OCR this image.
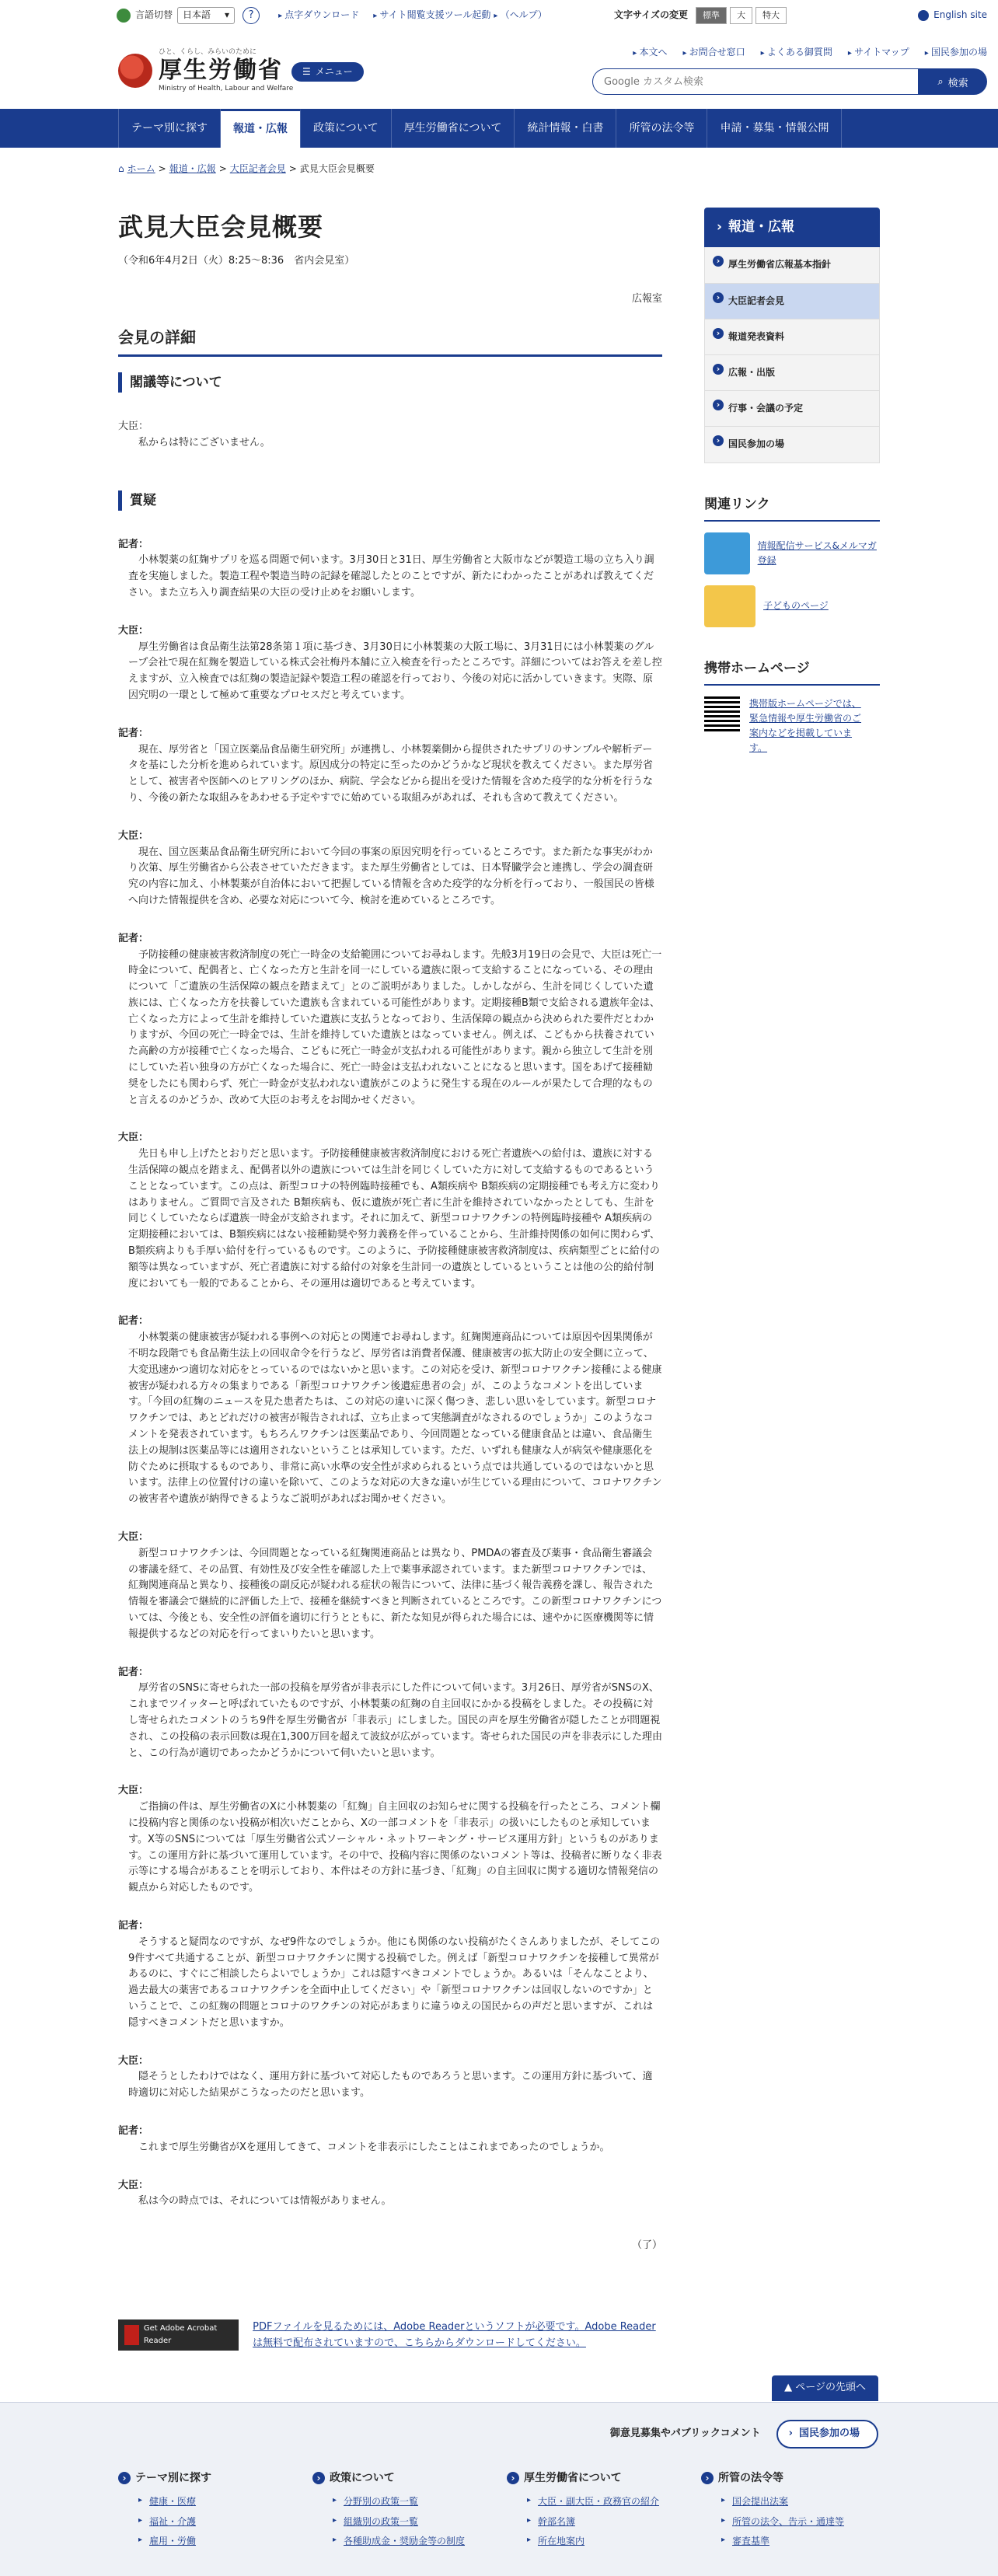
言語切替 日本語 ▾	?	▸ 点字ダウンロード	▸ サイト閲覧支援ツール起動	▸ （ヘルプ）	文字サイズの変更	標準	大	特大	English site
ひと、くらし、みらいのために
厚生労働省
Ministry of Health, Labour and Welfare
☰ メニュー
▸ 本文へ	▸ お問合せ窓口	▸ よくある御質問	▸ サイトマップ	▸ 国民参加の場
Google カスタム検索
⌕ 検索
テーマ別に探す	報道・広報	政策について	厚生労働省について	統計情報・白書	所管の法令等	申請・募集・情報公開
⌂ ホーム > 報道・広報 > 大臣記者会見 > 武見大臣会見概要
武見大臣会見概要
（令和6年4月2日（火）8:25～8:36　省内会見室）
広報室
会見の詳細
閣議等について
大臣：
私からは特にございません。
質疑
記者：
小林製薬の紅麹サプリを巡る問題で伺います。3月30日と31日、厚生労働省と大阪市などが製造工場の立ち入り調査を実施しました。製造工程や製造当時の記録を確認したとのことですが、新たにわかったことがあれば教えてください。また立ち入り調査結果の大臣の受け止めをお願いします。
大臣：
厚生労働省は食品衛生法第28条第１項に基づき、3月30日に小林製薬の大阪工場に、3月31日には小林製薬のグループ会社で現在紅麹を製造している株式会社梅丹本舗に立入検査を行ったところです。詳細についてはお答えを差し控えますが、立入検査では紅麹の製造記録や製造工程の確認を行っており、今後の対応に活かしていきます。実際、原因究明の一環として極めて重要なプロセスだと考えています。
記者：
現在、厚労省と「国立医薬品食品衛生研究所」が連携し、小林製薬側から提供されたサプリのサンプルや解析データを基にした分析を進められています。原因成分の特定に至ったのかどうかなど現状を教えてください。また厚労省として、被害者や医師へのヒアリングのほか、病院、学会などから提出を受けた情報を含めた疫学的な分析を行うなり、今後の新たな取組みをあわせる予定やすでに始めている取組みがあれば、それも含めて教えてください。
大臣：
現在、国立医薬品食品衛生研究所において今回の事案の原因究明を行っているところです。また新たな事実がわかり次第、厚生労働省から公表させていただきます。また厚生労働省としては、日本腎臓学会と連携し、学会の調査研究の内容に加え、小林製薬が自治体において把握している情報を含めた疫学的な分析を行っており、一般国民の皆様へ向けた情報提供を含め、必要な対応について今、検討を進めているところです。
記者：
予防接種の健康被害救済制度の死亡一時金の支給範囲についてお尋ねします。先般3月19日の会見で、大臣は死亡一時金について、配偶者と、亡くなった方と生計を同一にしている遺族に限って支給することになっている、その理由について「ご遺族の生活保障の観点を踏まえて」とのご説明がありました。しかしながら、生計を同じくしていた遺族には、亡くなった方を扶養していた遺族も含まれている可能性があります。定期接種B類で支給される遺族年金は、亡くなった方によって生計を維持していた遺族に支払うとなっており、生活保障の観点から決められた要件だとわかりますが、今回の死亡一時金では、生計を維持していた遺族とはなっていません。例えば、こどもから扶養されていた高齢の方が接種で亡くなった場合、こどもに死亡一時金が支払われる可能性があります。親から独立して生計を別にしていた若い独身の方が亡くなった場合に、死亡一時金は支払われないことになると思います。国をあげて接種勧奨をしたにも関わらず、死亡一時金が支払われない遺族がこのように発生する現在のルールが果たして合理的なものと言えるのかどうか、改めて大臣のお考えをお聞かせください。
大臣：
先日も申し上げたとおりだと思います。予防接種健康被害救済制度における死亡者遺族への給付は、遺族に対する生活保障の観点を踏まえ、配偶者以外の遺族については生計を同じくしていた方に対して支給するものであるということとなっています。この点は、新型コロナの特例臨時接種でも、A類疾病や B類疾病の定期接種でも考え方に変わりはありません。ご質問で言及された B類疾病も、仮に遺族が死亡者に生計を維持されていなかったとしても、生計を同じくしていたならば遺族一時金が支給されます。それに加えて、新型コロナワクチンの特例臨時接種や A類疾病の定期接種においては、B類疾病にはない接種勧奨や努力義務を伴っていることから、生計維持関係の如何に関わらず、B類疾病よりも手厚い給付を行っているものです。このように、予防接種健康被害救済制度は、疾病類型ごとに給付の額等は異なっていますが、死亡者遺族に対する給付の対象を生計同一の遺族としているということは他の公的給付制度においても一般的であることから、その運用は適切であると考えています。
記者：
小林製薬の健康被害が疑われる事例への対応との関連でお尋ねします。紅麹関連商品については原因や因果関係が不明な段階でも食品衛生法上の回収命令を行うなど、厚労省は消費者保護、健康被害の拡大防止の安全側に立って、大変迅速かつ適切な対応をとっているのではないかと思います。この対応を受け、新型コロナワクチン接種による健康被害が疑われる方々の集まりである「新型コロナワクチン後遺症患者の会」が、このようなコメントを出しています。「今回の紅麹のニュースを見た患者たちは、この対応の違いに深く傷つき、悲しい思いをしています。新型コロナワクチンでは、あとどれだけの被害が報告されれば、立ち止まって実態調査がなされるのでしょうか」このようなコメントを発表されています。もちろんワクチンは医薬品であり、今回問題となっている健康食品とは違い、食品衛生法上の規制は医薬品等には適用されないということは承知しています。ただ、いずれも健康な人が病気や健康悪化を防ぐために摂取するものであり、非常に高い水準の安全性が求められるという点では共通しているのではないかと思います。法律上の位置付けの違いを除いて、このような対応の大きな違いが生じている理由について、コロナワクチンの被害者や遺族が納得できるようなご説明があればお聞かせください。
大臣：
新型コロナワクチンは、今回問題となっている紅麹関連商品とは異なり、PMDAの審査及び薬事・食品衛生審議会の審議を経て、その品質、有効性及び安全性を確認した上で薬事承認されています。また新型コロナワクチンでは、紅麹関連商品と異なり、接種後の副反応が疑われる症状の報告について、法律に基づく報告義務を課し、報告された情報を審議会で継続的に評価した上で、接種を継続すべきと判断されているところです。この新型コロナワクチンについては、今後とも、安全性の評価を適切に行うとともに、新たな知見が得られた場合には、速やかに医療機関等に情報提供するなどの対応を行ってまいりたいと思います。
記者：
厚労省のSNSに寄せられた一部の投稿を厚労省が非表示にした件について伺います。3月26日、厚労省がSNSのX、これまでツイッターと呼ばれていたものですが、小林製薬の紅麹の自主回収にかかる投稿をしました。その投稿に対し寄せられたコメントのうち9件を厚生労働省が「非表示」にしました。国民の声を厚生労働省が隠したことが問題視され、この投稿の表示回数は現在1,300万回を超えて波紋が広がっています。寄せられた国民の声を非表示にした理由と、この行為が適切であったかどうかについて伺いたいと思います。
大臣：
ご指摘の件は、厚生労働省のXに小林製薬の「紅麹」自主回収のお知らせに関する投稿を行ったところ、コメント欄に投稿内容と関係のない投稿が相次いだことから、Xの一部コメントを「非表示」の扱いにしたものと承知しています。X等のSNSについては「厚生労働省公式ソーシャル・ネットワーキング・サービス運用方針」というものがあります。この運用方針に基づいて運用しています。その中で、投稿内容に関係のないコメント等は、投稿者に断りなく非表示等にする場合があることを明示しており、本件はその方針に基づき、「紅麹」の自主回収に関する適切な情報発信の観点から対応したものです。
記者：
そうすると疑問なのですが、なぜ9件なのでしょうか。他にも関係のない投稿がたくさんありましたが、そしてこの9件すべて共通することが、新型コロナワクチンに関する投稿でした。例えば「新型コロナワクチンを接種して異常があるのに、すぐにご相談したらよいでしょうか」これは隠すべきコメントでしょうか。あるいは「そんなことより、過去最大の薬害であるコロナワクチンを全面中止してください」や「新型コロナワクチンは回収しないのですか」ということで、この紅麹の問題とコロナのワクチンの対応があまりに違うゆえの国民からの声だと思いますが、これは隠すべきコメントだと思いますか。
大臣：
隠そうとしたわけではなく、運用方針に基づいて対応したものであろうと思います。この運用方針に基づいて、適時適切に対応した結果がこうなったのだと思います。
記者：
これまで厚生労働省がXを運用してきて、コメントを非表示にしたことはこれまであったのでしょうか。
大臣：
私は今の時点では、それについては情報がありません。
（了）
Get Adobe Acrobat Reader
PDFファイルを見るためには、Adobe Readerというソフトが必要です。Adobe Readerは無料で配布されていますので、こちらからダウンロードしてください。
› 報道・広報
› 厚生労働省広報基本指針
› 大臣記者会見
› 報道発表資料
› 広報・出版
› 行事・会議の予定
› 国民参加の場
関連リンク
情報配信サービス&メルマガ登録
子どものページ
携帯ホームページ
携帯版ホームページでは、緊急情報や厚生労働省のご案内などを掲載しています。
▲ ページの先頭へ
御意見募集やパブリックコメント	› 国民参加の場
› テーマ別に探す
▸ 健康・医療
▸ 福祉・介護
▸ 雇用・労働
› 政策について
▸ 分野別の政策一覧
▸ 組織別の政策一覧
▸ 各種助成金・奨励金等の制度
› 厚生労働省について
▸ 大臣・副大臣・政務官の紹介
▸ 幹部名簿
▸ 所在地案内
› 所管の法令等
▸ 国会提出法案
▸ 所管の法令、告示・通達等
▸ 審査基準
